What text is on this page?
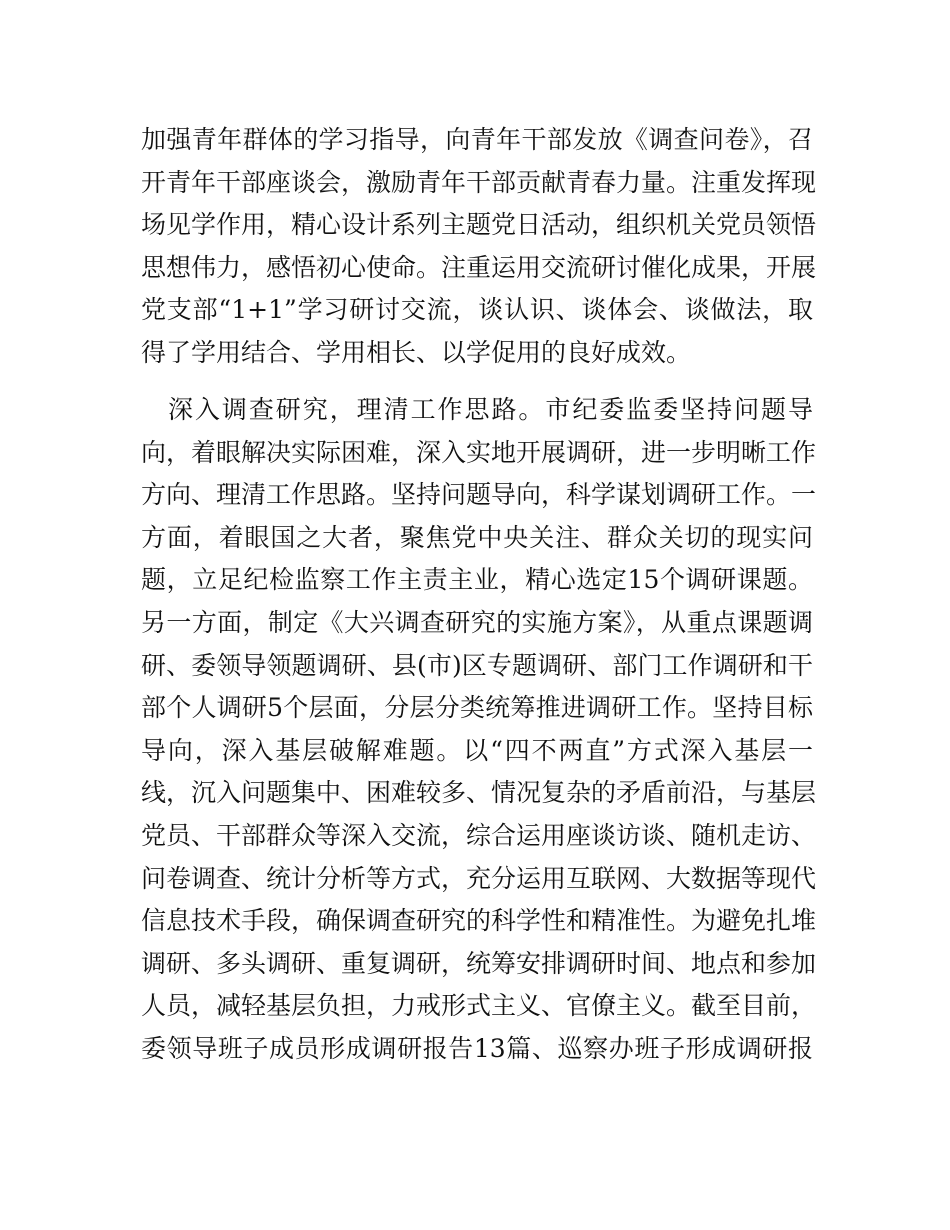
加强青年群体的学习指导，向青年干部发放《调查问卷》，召
开青年干部座谈会，激励青年干部贡献青春力量。注重发挥现
场见学作用，精心设计系列主题党日活动，组织机关党员领悟
思想伟力，感悟初心使命。注重运用交流研讨催化成果，开展
党支部“1+1”学习研讨交流，谈认识、谈体会、谈做法，取
得了学用结合、学用相长、以学促用的良好成效。
　深入调查研究，理清工作思路。市纪委监委坚持问题导
向，着眼解决实际困难，深入实地开展调研，进一步明晰工作
方向、理清工作思路。坚持问题导向，科学谋划调研工作。一
方面，着眼国之大者，聚焦党中央关注、群众关切的现实问
题，立足纪检监察工作主责主业，精心选定15个调研课题。
另一方面，制定《大兴调查研究的实施方案》，从重点课题调
研、委领导领题调研、县(市)区专题调研、部门工作调研和干
部个人调研5个层面，分层分类统筹推进调研工作。坚持目标
导向，深入基层破解难题。以“四不两直”方式深入基层一
线，沉入问题集中、困难较多、情况复杂的矛盾前沿，与基层
党员、干部群众等深入交流，综合运用座谈访谈、随机走访、
问卷调查、统计分析等方式，充分运用互联网、大数据等现代
信息技术手段，确保调查研究的科学性和精准性。为避免扎堆
调研、多头调研、重复调研，统筹安排调研时间、地点和参加
人员，减轻基层负担，力戒形式主义、官僚主义。截至目前，
委领导班子成员形成调研报告13篇、巡察办班子形成调研报
